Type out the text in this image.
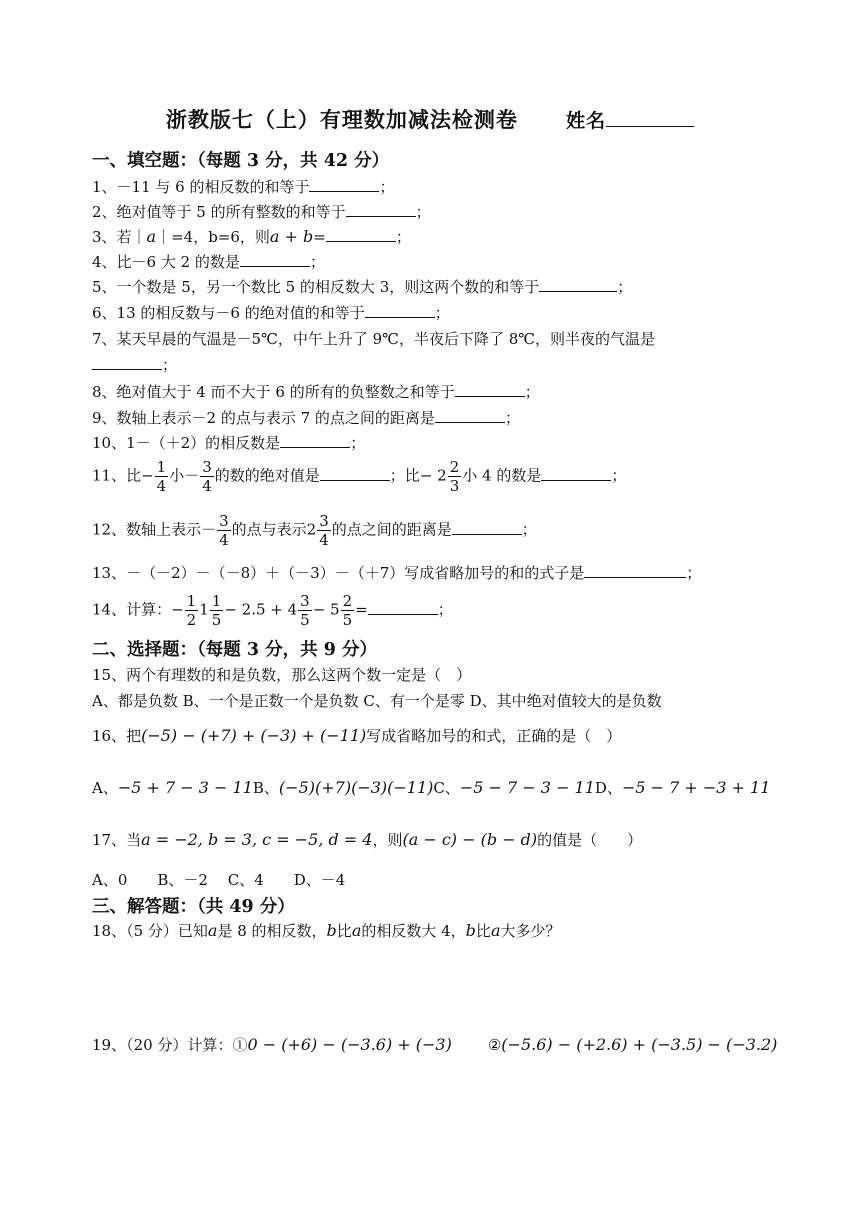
浙教版七（上）有理数加减法检测卷	姓名
一、填空题：（每题 3 分，共 42 分）
1、－11 与 6 的相反数的和等于	；
2、绝对值等于 5 的所有整数的和等于	；
3、若｜a｜=4，b=6，则a + b=	；
4、比－6 大 2 的数是	；
5、一个数是 5，另一个数比 5 的相反数大 3，则这两个数的和等于	；
6、13 的相反数与－6 的绝对值的和等于	；
7、某天早晨的气温是－5℃，中午上升了 9℃，半夜后下降了 8℃，则半夜的气温是
；
8、绝对值大于 4 而不大于 6 的所有的负整数之和等于	；
9、数轴上表示－2 的点与表示 7 的点之间的距离是	；
10、1－（＋2）的相反数是	；
11、比− $\frac{1}{4}$ 小－ $\frac{3}{4}$ 的数的绝对值是	；比− $2 \frac{2}{3}$ 小 4 的数是	；
12、数轴上表示－ $\frac{3}{4}$ 的点与表示$2 \frac{3}{4}$ 的点之间的距离是	；
13、－（－2）－（－8）＋（－3）－（＋7）写成省略加号的和的式子是	；
14、计算：− $\frac{1}{2} 1 \frac{1}{5} - 2.5 + 4 \frac{3}{5} - 5 \frac{2}{5}$ =	；
二、选择题：（每题 3 分，共 9 分）
15、两个有理数的和是负数，那么这两个数一定是（　）
A、都是负数 B、一个是正数一个是负数 C、有一个是零 D、其中绝对值较大的是负数
16、把(−5) − (+7) + (−3) + (−11)写成省略加号的和式，正确的是（　）
A、−5 + 7 − 3 − 11B、(−5)(+7)(−3)(−11)C、−5 − 7 − 3 − 11D、−5 − 7 + −3 + 11
17、当a = −2, b = 3, c = −5, d = 4，则(a − c) − (b − d)的值是（　　）
A、0　　B、－2　 C、4　　D、－4
三、解答题：（共 49 分）
18、（5 分）已知a是 8 的相反数，b比a的相反数大 4，b比a大多少？
19、（20 分）计算：①0 − (+6) − (−3.6) + (−3) ②(−5.6) − (+2.6) + (−3.5) − (−3.2)
